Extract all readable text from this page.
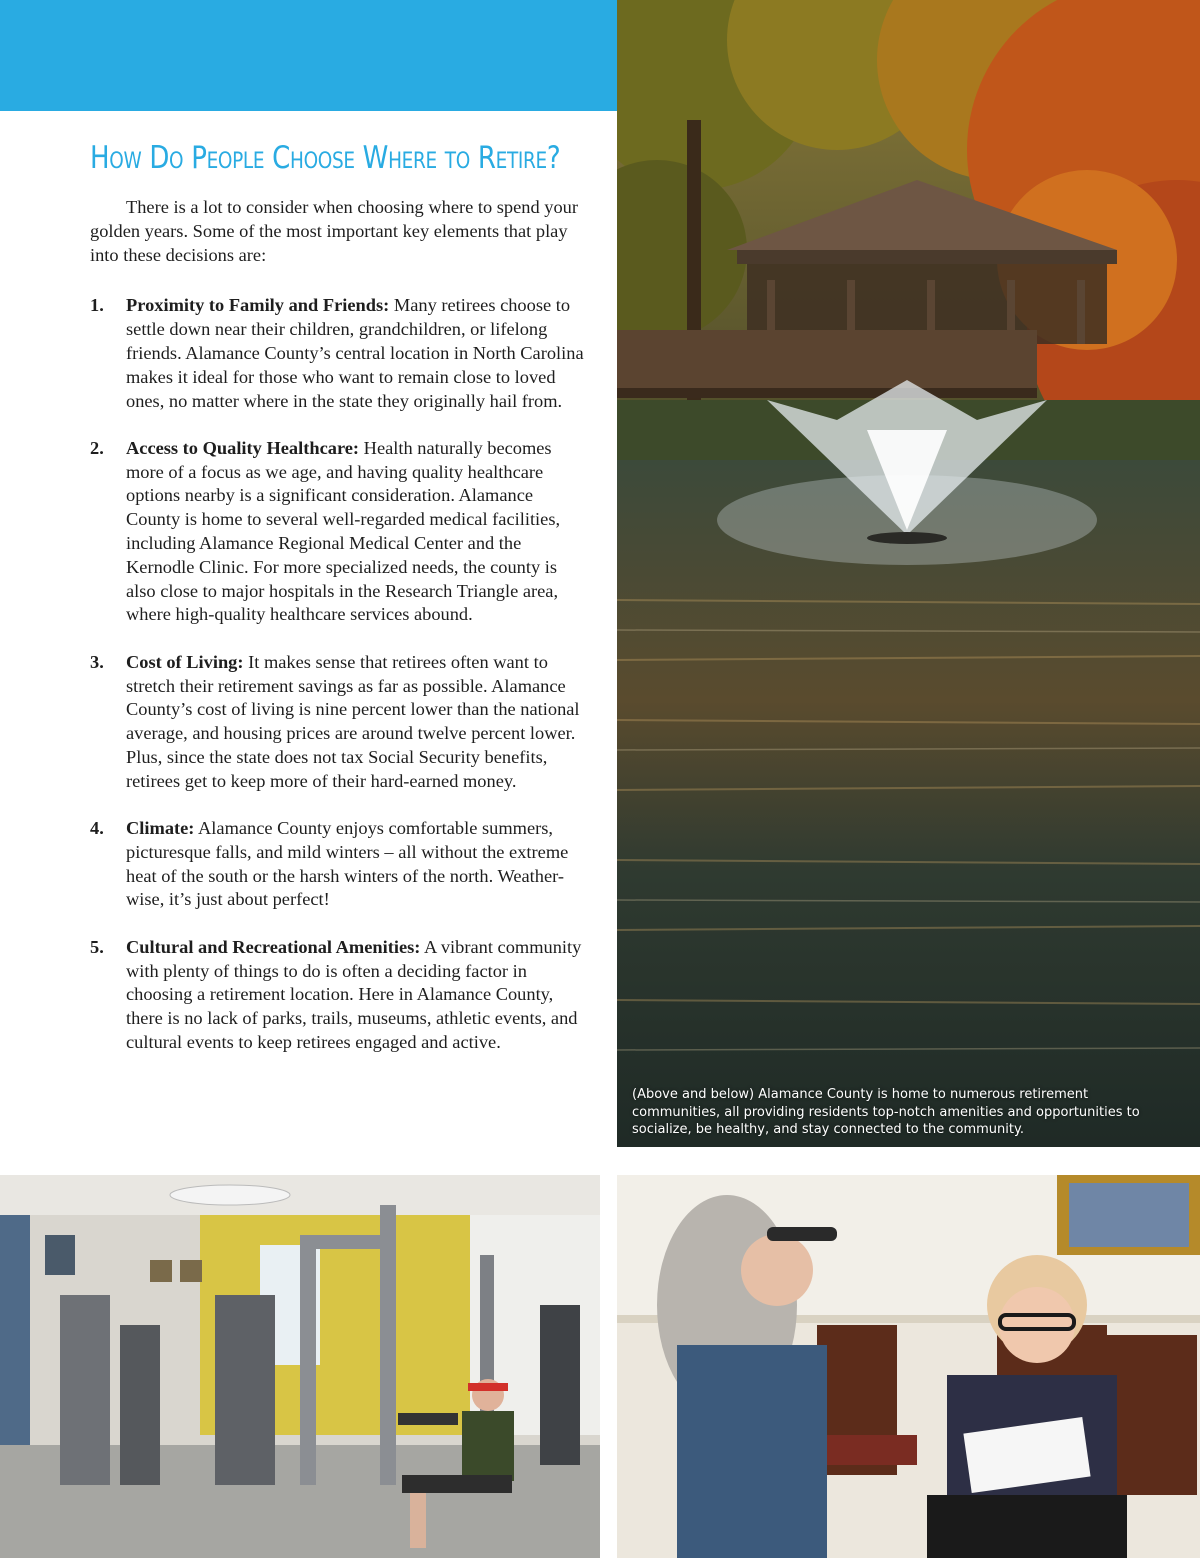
How Do People Choose Where to Retire?

There is a lot to consider when choosing where to spend your golden years. Some of the most important key elements that play into these decisions are:

1. Proximity to Family and Friends: Many retirees choose to settle down near their children, grandchildren, or lifelong friends. Alamance County’s central location in North Carolina makes it ideal for those who want to remain close to loved ones, no matter where in the state they originally hail from.
2. Access to Quality Healthcare: Health naturally becomes more of a focus as we age, and having quality healthcare options nearby is a significant consideration. Alamance County is home to several well-regarded medical facilities, including Alamance Regional Medical Center and the Kernodle Clinic. For more specialized needs, the county is also close to major hospitals in the Research Triangle area, where high-quality healthcare services abound.
3. Cost of Living: It makes sense that retirees often want to stretch their retirement savings as far as possible. Alamance County’s cost of living is nine percent lower than the national average, and housing prices are around twelve percent lower. Plus, since the state does not tax Social Security benefits, retirees get to keep more of their hard-earned money.
4. Climate: Alamance County enjoys comfortable summers, picturesque falls, and mild winters – all without the extreme heat of the south or the harsh winters of the north. Weather-wise, it’s just about perfect!
5. Cultural and Recreational Amenities: A vibrant community with plenty of things to do is often a deciding factor in choosing a retirement location. Here in Alamance County, there is no lack of parks, trails, museums, athletic events, and cultural events to keep retirees engaged and active.

(Above and below) Alamance County is home to numerous retirement communities, all providing residents top-notch amenities and opportunities to socialize, be healthy, and stay connected to the community.
